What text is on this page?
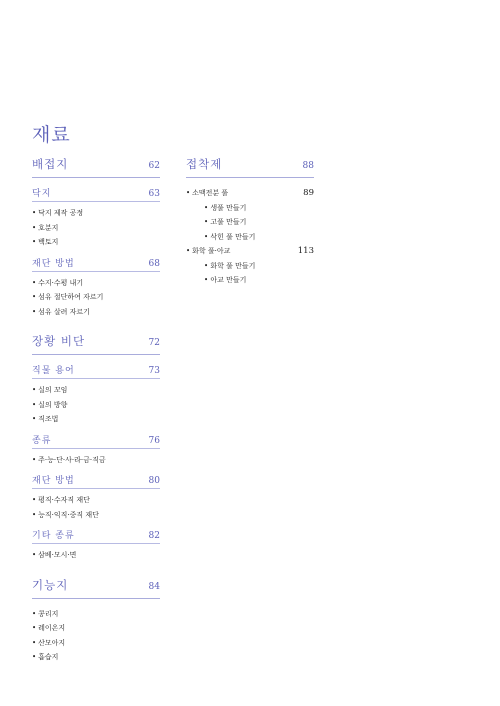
재료
배접지	62
닥지	63
• 닥지 제작 공정
• 호분지
• 백토지
재단 방법	68
• 수지·수평 내기
• 섬유 절단하여 자르기
• 섬유 살려 자르기
장황 비단	72
직물 용어	73
• 실의 꼬임
• 실의 방향
• 직조법
종류	76
• 주·능·단·사·라·금·직금
재단 방법	80
• 평직·수자직 재단
• 능직·익직·중직 재단
기타 종류	82
• 삼베·모시·면
기능지	84
• 콩리지
• 레이온지
• 산모아지
• 흡습지
접착제	88
• 소맥전분 풀	89
• 생풀 만들기
• 고풀 만들기
• 삭힌 풀 만들기
• 화학 풀·아교	113
• 화학 풀 만들기
• 아교 만들기
